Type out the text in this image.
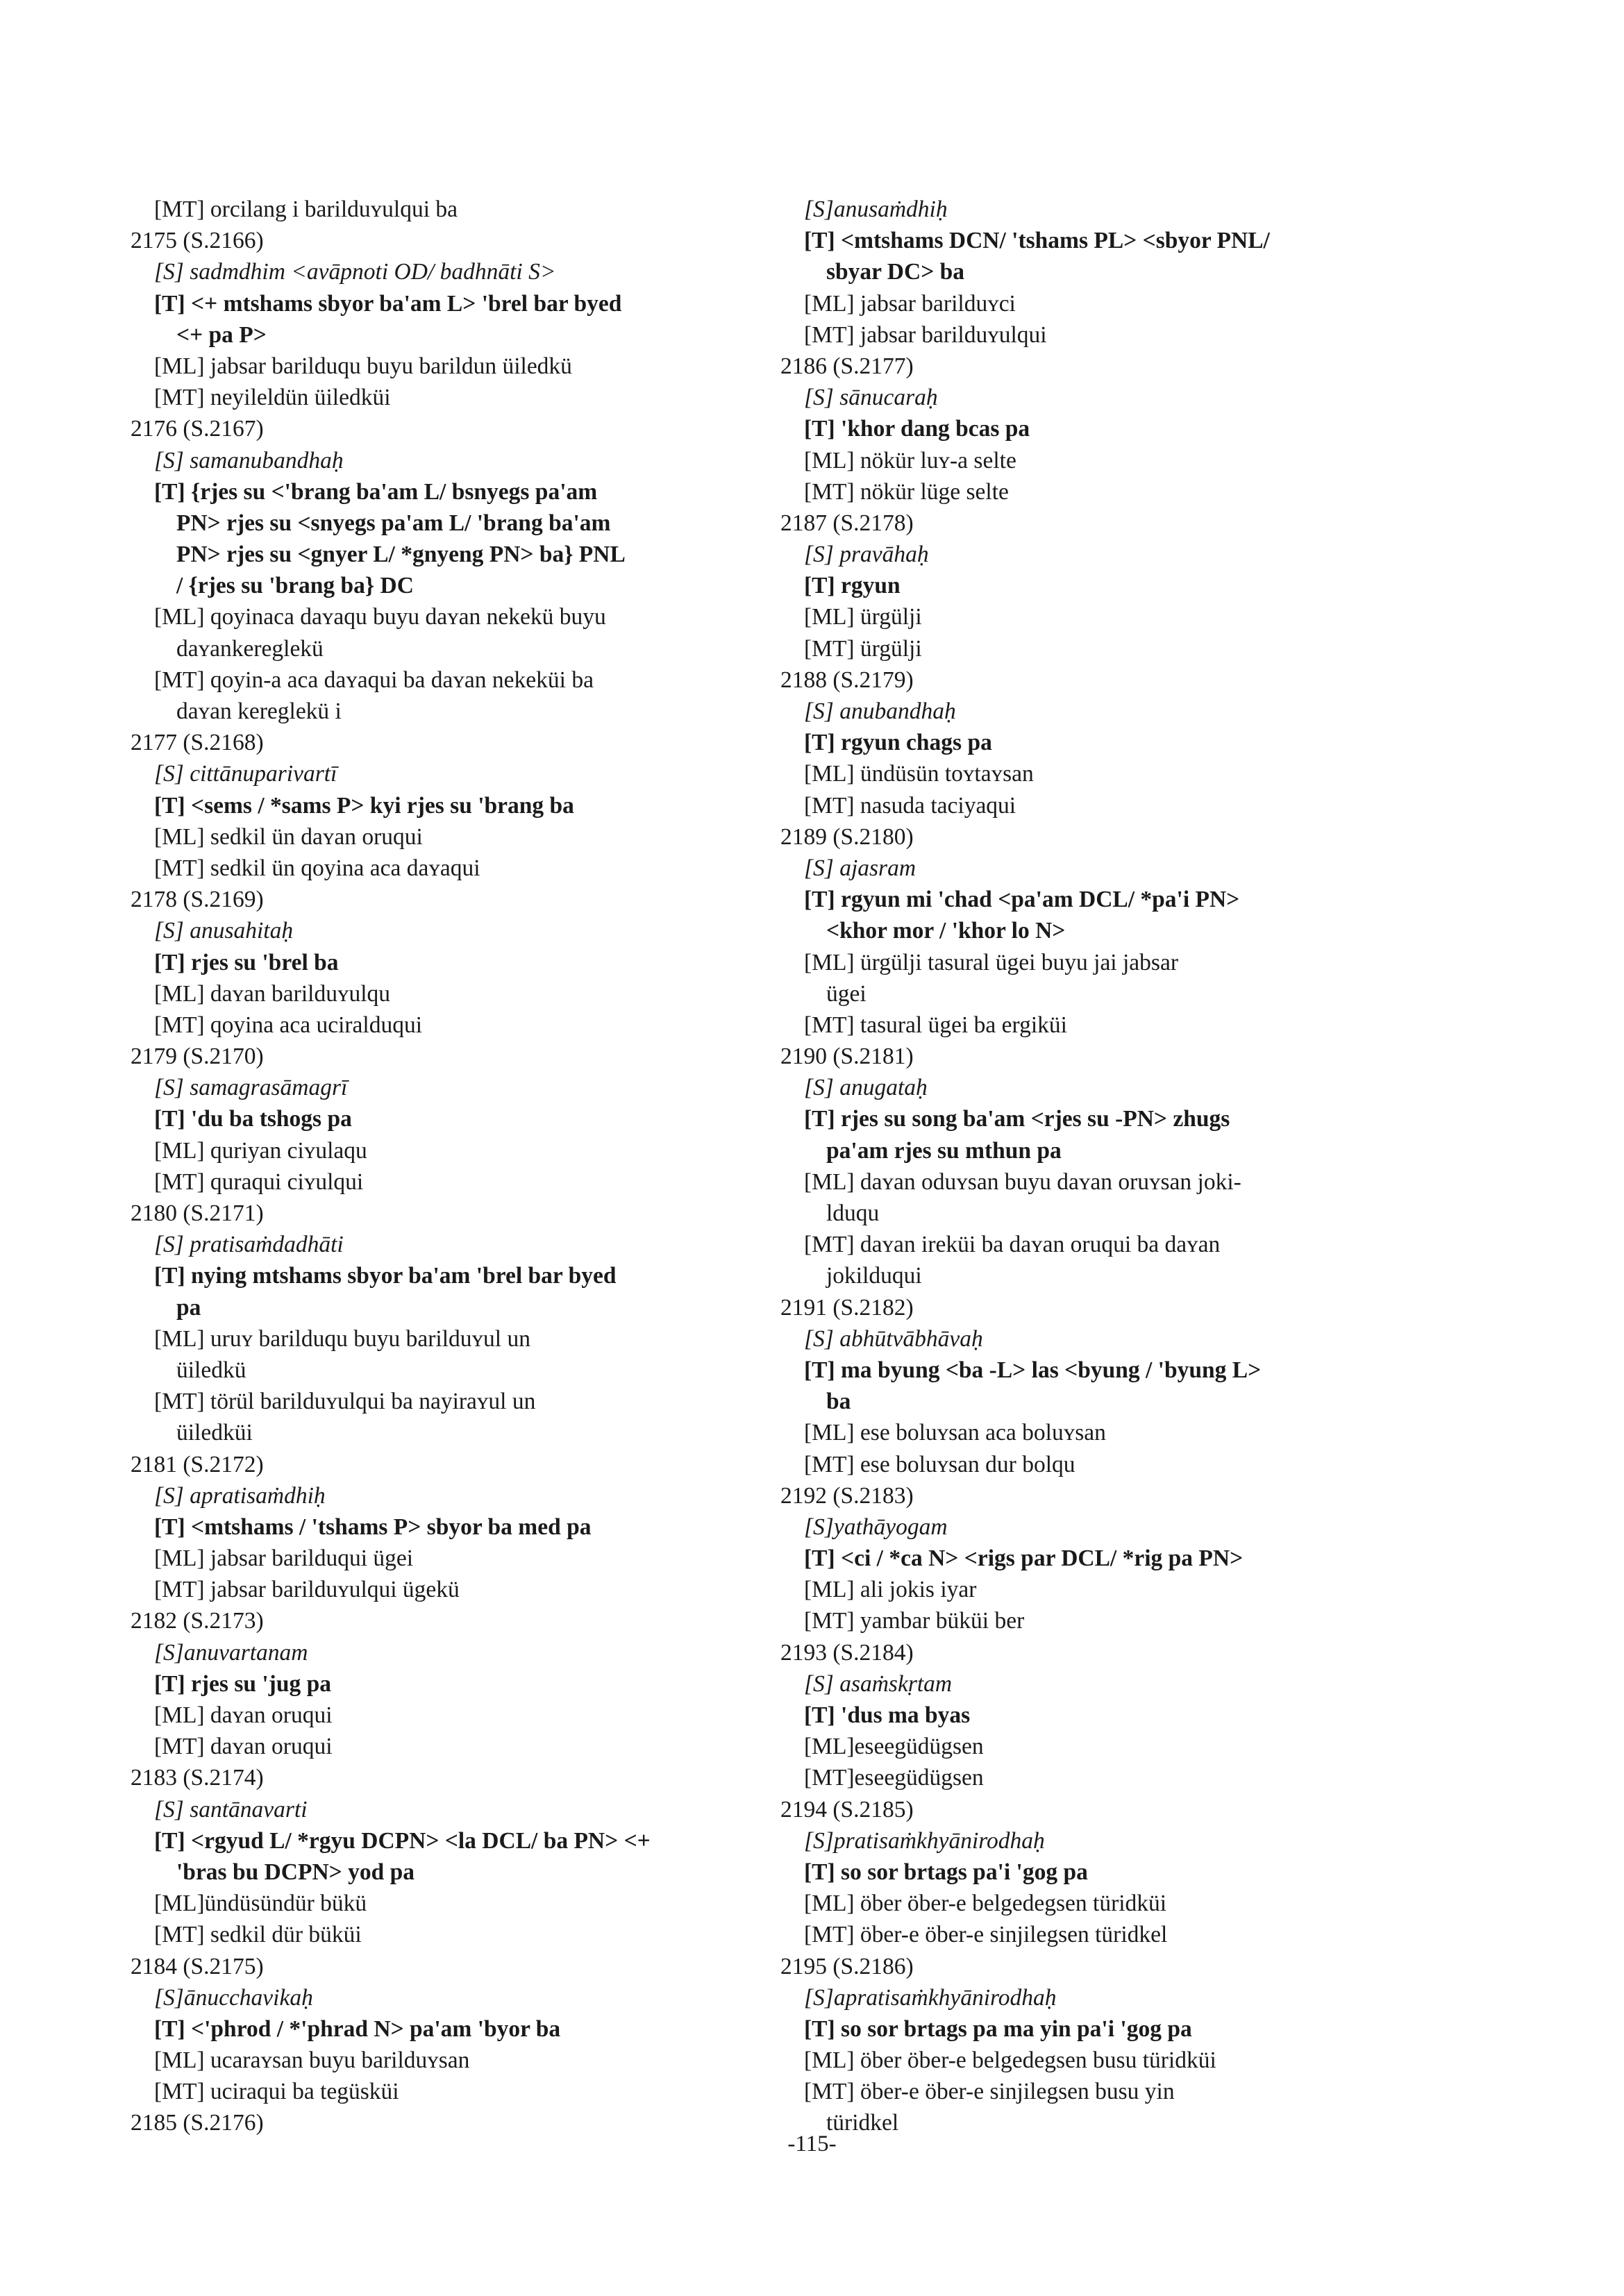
[MT] orcilang i barilduʏulqui ba
2175 (S.2166)
[S] sadmdhim <avāpnoti OD/ badhnāti S>
[T] <+ mtshams sbyor ba'am L> 'brel bar byed
<+ pa P>
[ML] jabsar barilduqu buyu barildun üiledkü
[MT] neyileldün üiledküi
2176 (S.2167)
[S] samanubandhaḥ
[T] {rjes su <'brang ba'am L/ bsnyegs pa'am
PN> rjes su <snyegs pa'am L/ 'brang ba'am
PN> rjes su <gnyer L/ *gnyeng PN> ba} PNL
/ {rjes su 'brang ba} DC
[ML] qoyinaca daʏaqu buyu daʏan nekekü buyu
daʏankereglekü
[MT] qoyin-a aca daʏaqui ba daʏan nekeküi ba
daʏan kereglekü i
2177 (S.2168)
[S] cittānuparivartī
[T] <sems / *sams P> kyi rjes su 'brang ba
[ML] sedkil ün daʏan oruqui
[MT] sedkil ün qoyina aca daʏaqui
2178 (S.2169)
[S] anusahitaḥ
[T] rjes su 'brel ba
[ML] daʏan barilduʏulqu
[MT] qoyina aca uciralduqui
2179 (S.2170)
[S] samagrasāmagrī
[T] 'du ba tshogs pa
[ML] quriyan ciʏulaqu
[MT] quraqui ciʏulqui
2180 (S.2171)
[S] pratisaṁdadhāti
[T] nying mtshams sbyor ba'am 'brel bar byed
pa
[ML] uruʏ barilduqu buyu barilduʏul un
üiledkü
[MT] törül barilduʏulqui ba nayiraʏul un
üiledküi
2181 (S.2172)
[S] apratisaṁdhiḥ
[T] <mtshams / 'tshams P> sbyor ba med pa
[ML] jabsar barilduqui ügei
[MT] jabsar barilduʏulqui ügekü
2182 (S.2173)
[S]anuvartanam
[T] rjes su 'jug pa
[ML] daʏan oruqui
[MT] daʏan oruqui
2183 (S.2174)
[S] santānavarti
[T] <rgyud L/ *rgyu DCPN> <la DCL/ ba PN> <+
'bras bu DCPN> yod pa
[ML]ündüsündür bükü
[MT] sedkil dür büküi
2184 (S.2175)
[S]ānucchavikaḥ
[T] <'phrod / *'phrad N> pa'am 'byor ba
[ML] ucaraʏsan buyu barilduʏsan
[MT] uciraqui ba tegüsküi
2185 (S.2176)
[S]anusaṁdhiḥ
[T] <mtshams DCN/ 'tshams PL> <sbyor PNL/
sbyar DC> ba
[ML] jabsar barilduʏci
[MT] jabsar barilduʏulqui
2186 (S.2177)
[S] sānucaraḥ
[T] 'khor dang bcas pa
[ML] nökür luʏ-a selte
[MT] nökür lüge selte
2187 (S.2178)
[S] pravāhaḥ
[T] rgyun
[ML] ürgülji
[MT] ürgülji
2188 (S.2179)
[S] anubandhaḥ
[T] rgyun chags pa
[ML] ündüsün toʏtaʏsan
[MT] nasuda taciyaqui
2189 (S.2180)
[S] ajasram
[T] rgyun mi 'chad <pa'am DCL/ *pa'i PN>
<khor mor / 'khor lo N>
[ML] ürgülji tasural ügei buyu jai jabsar
ügei
[MT] tasural ügei ba ergiküi
2190 (S.2181)
[S] anugataḥ
[T] rjes su song ba'am <rjes su -PN> zhugs
pa'am rjes su mthun pa
[ML] daʏan oduʏsan buyu daʏan oruʏsan joki-
lduqu
[MT] daʏan ireküi ba daʏan oruqui ba daʏan
jokilduqui
2191 (S.2182)
[S] abhūtvābhāvaḥ
[T] ma byung <ba -L> las <byung / 'byung L>
ba
[ML] ese boluʏsan aca boluʏsan
[MT] ese boluʏsan dur bolqu
2192 (S.2183)
[S]yathāyogam
[T] <ci / *ca N> <rigs par DCL/ *rig pa PN>
[ML] ali jokis iyar
[MT] yambar büküi ber
2193 (S.2184)
[S] asaṁskṛtam
[T] 'dus ma byas
[ML]eseegüdügsen
[MT]eseegüdügsen
2194 (S.2185)
[S]pratisaṁkhyānirodhaḥ
[T] so sor brtags pa'i 'gog pa
[ML] öber öber-e belgedegsen türidküi
[MT] öber-e öber-e sinjilegsen türidkel
2195 (S.2186)
[S]apratisaṁkhyānirodhaḥ
[T] so sor brtags pa ma yin pa'i 'gog pa
[ML] öber öber-e belgedegsen busu türidküi
[MT] öber-e öber-e sinjilegsen busu yin
türidkel
-115-
